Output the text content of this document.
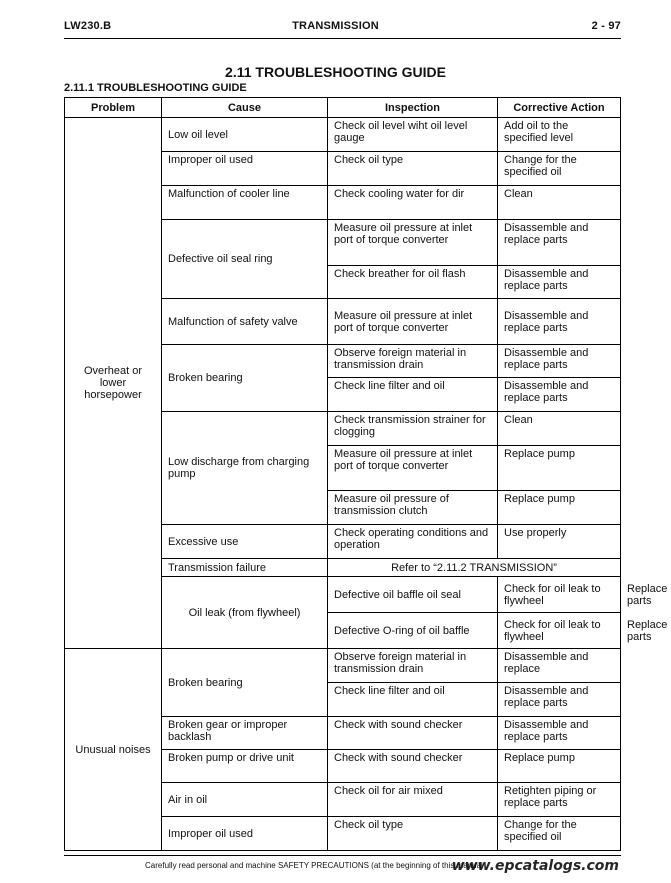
LW230.B	TRANSMISSION	2 - 97
2.11 TROUBLESHOOTING GUIDE
2.11.1 TROUBLESHOOTING GUIDE
Problem	Cause	Inspection	Corrective Action	
Overheat or lower horsepower	Low oil level	Check oil level wiht oil level gauge	Add oil to the specified level	
	Improper oil used	Check oil type	Change for the specified oil	
	Malfunction of cooler line	Check cooling water for dir	Clean	
	Defective oil seal ring	Measure oil pressure at inlet port of torque converter	Disassemble and replace parts	
		Check breather for oil flash	Disassemble and replace parts	
	Malfunction of safety valve	Measure oil pressure at inlet port of torque converter	Disassemble and replace parts	
	Broken bearing	Observe foreign material in transmission drain	Disassemble and replace parts	
		Check line filter and oil	Disassemble and replace parts	
	Low discharge from charging pump	Check transmission strainer for clogging	Clean	
		Measure oil pressure at inlet port of torque converter	Replace pump	
		Measure oil pressure of transmission clutch	Replace pump	
	Excessive use	Check operating conditions and operation	Use properly	
	Transmission failure	Refer to “2.11.2 TRANSMISSION”		
	Oil leak (from flywheel)	Defective oil baffle oil seal	Check for oil leak to flywheel	Replace parts
		Defective O-ring of oil baffle	Check for oil leak to flywheel	Replace parts
Unusual noises	Broken bearing	Observe foreign material in transmission drain	Disassemble and replace	
		Check line filter and oil	Disassemble and replace parts	
	Broken gear or improper backlash	Check with sound checker	Disassemble and replace parts	
	Broken pump or drive unit	Check with sound checker	Replace pump	
	Air in oil	Check oil for air mixed	Retighten piping or replace parts	
	Improper oil used	Check oil type	Change for the specified oil	
Carefully read personal and machine SAFETY PRECAUTIONS (at the beginning of this manual
www.epcatalogs.com
